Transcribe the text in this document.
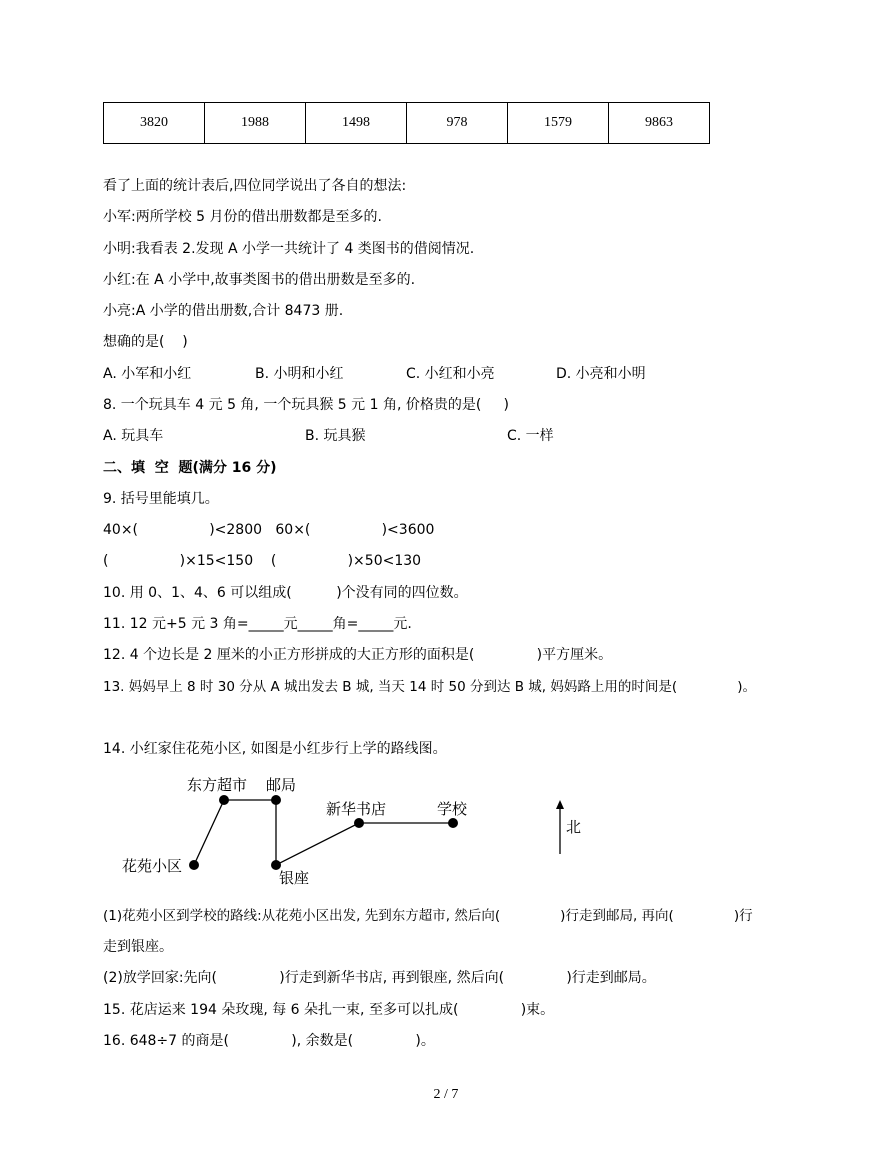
3820	1988	1498	978	1579	9863
看了上面的统计表后,四位同学说出了各自的想法:
小军:两所学校 5 月份的借出册数都是至多的.
小明:我看表 2.发现 A 小学一共统计了 4 类图书的借阅情况.
小红:在 A 小学中,故事类图书的借出册数是至多的.
小亮:A 小学的借出册数,合计 8473 册.
想确的是(    )
A. 小军和小红	B. 小明和小红	C. 小红和小亮	D. 小亮和小明
8. 一个玩具车 4 元 5 角, 一个玩具猴 5 元 1 角, 价格贵的是(     )
A. 玩具车	B. 玩具猴	C. 一样
二、填  空  题(满分 16 分)
9. 括号里能填几。
40×(                )<2800   60×(                )<3600
(                )×15<150    (                )×50<130
10. 用 0、1、4、6 可以组成(          )个没有同的四位数。
11. 12 元+5 元 3 角=_____元_____角=_____元.
12. 4 个边长是 2 厘米的小正方形拼成的大正方形的面积是(              )平方厘米。
13. 妈妈早上 8 时 30 分从 A 城出发去 B 城, 当天 14 时 50 分到达 B 城, 妈妈路上用的时间是(              )。
14. 小红家住花苑小区, 如图是小红步行上学的路线图。
花苑小区
东方超市 邮局
新华书店	学校
银座
北
(1)花苑小区到学校的路线:从花苑小区出发, 先到东方超市, 然后向(              )行走到邮局, 再向(              )行
走到银座。
(2)放学回家:先向(              )行走到新华书店, 再到银座, 然后向(              )行走到邮局。
15. 花店运来 194 朵玫瑰, 每 6 朵扎一束, 至多可以扎成(              )束。
16. 648÷7 的商是(              ), 余数是(              )。
2 / 7
